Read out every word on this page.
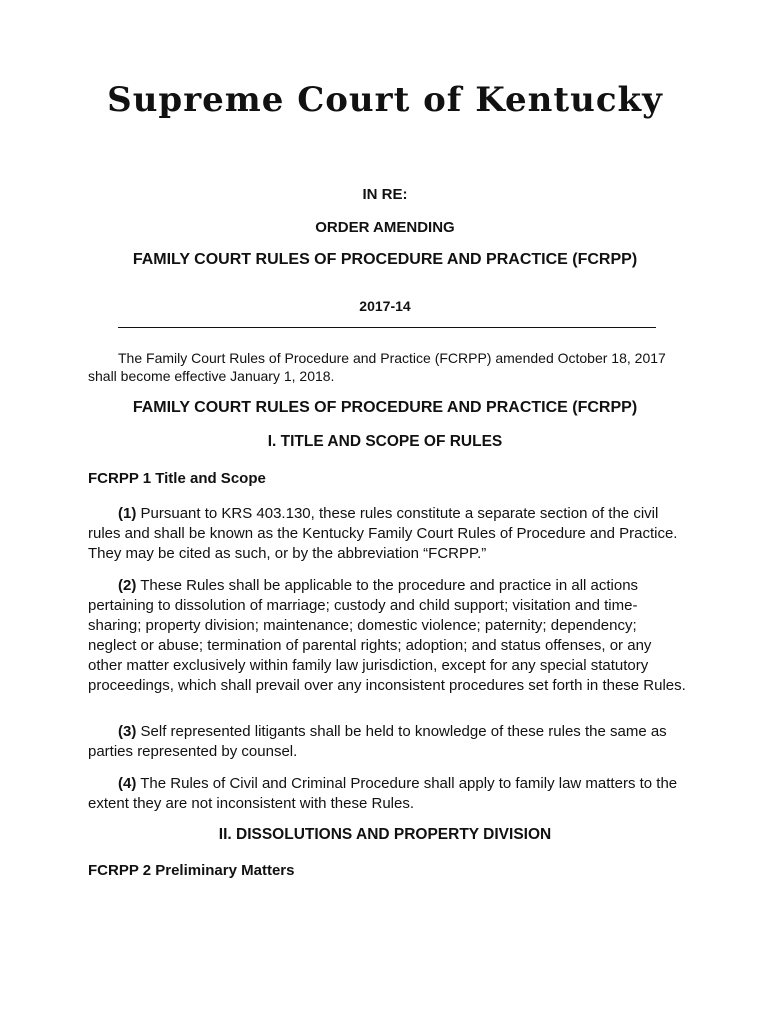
Supreme Court of Kentucky
IN RE:
ORDER AMENDING
FAMILY COURT RULES OF PROCEDURE AND PRACTICE (FCRPP)
2017-14
The Family Court Rules of Procedure and Practice (FCRPP) amended October 18, 2017 shall become effective January 1, 2018.
FAMILY COURT RULES OF PROCEDURE AND PRACTICE (FCRPP)
I. TITLE AND SCOPE OF RULES
FCRPP 1 Title and Scope
(1) Pursuant to KRS 403.130, these rules constitute a separate section of the civil rules and shall be known as the Kentucky Family Court Rules of Procedure and Practice. They may be cited as such, or by the abbreviation “FCRPP.”
(2) These Rules shall be applicable to the procedure and practice in all actions pertaining to dissolution of marriage; custody and child support; visitation and time-sharing; property division; maintenance; domestic violence; paternity; dependency; neglect or abuse; termination of parental rights; adoption; and status offenses, or any other matter exclusively within family law jurisdiction, except for any special statutory proceedings, which shall prevail over any inconsistent procedures set forth in these Rules.
(3) Self represented litigants shall be held to knowledge of these rules the same as parties represented by counsel.
(4) The Rules of Civil and Criminal Procedure shall apply to family law matters to the extent they are not inconsistent with these Rules.
II. DISSOLUTIONS AND PROPERTY DIVISION
FCRPP 2 Preliminary Matters
